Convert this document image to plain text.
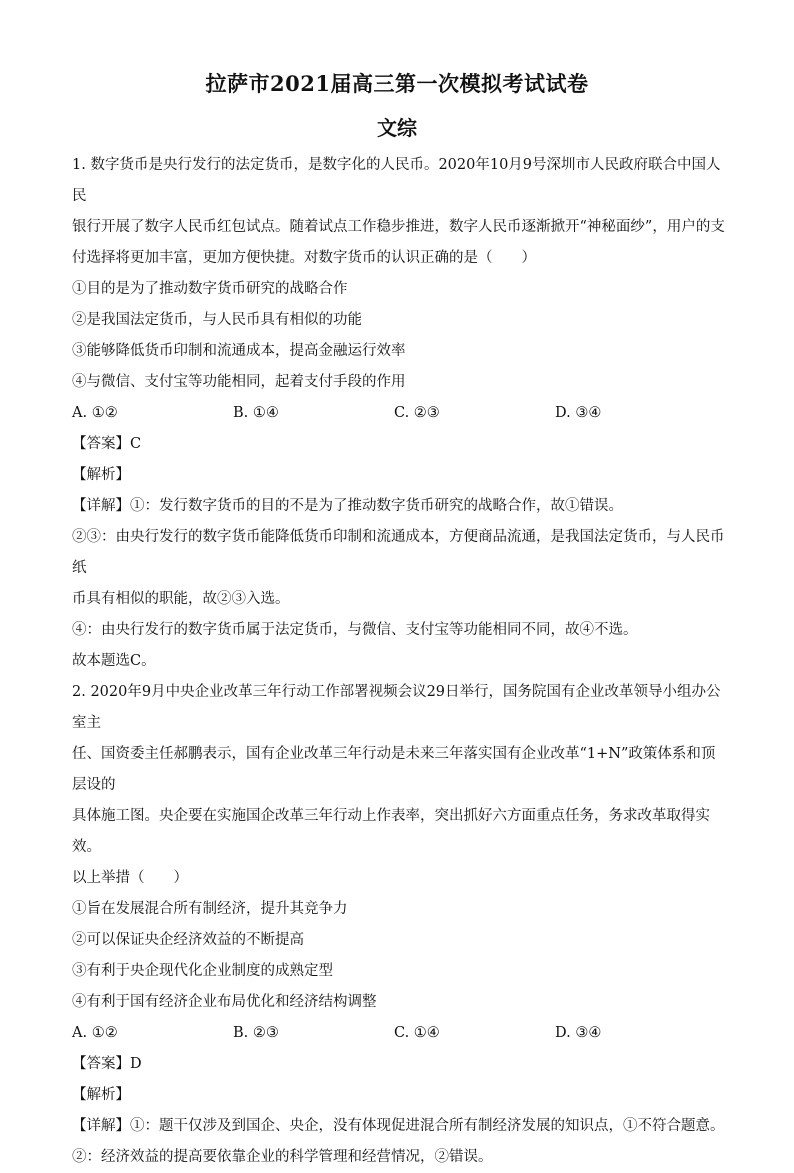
拉萨市2021届高三第一次模拟考试试卷
文综

1. 数字货币是央行发行的法定货币，是数字化的人民币。2020年10月9号深圳市人民政府联合中国人民

银行开展了数字人民币红包试点。随着试点工作稳步推进，数字人民币逐渐掀开“神秘面纱”，用户的支

付选择将更加丰富，更加方便快捷。对数字货币的认识正确的是（　　）

①目的是为了推动数字货币研究的战略合作

②是我国法定货币，与人民币具有相似的功能

③能够降低货币印制和流通成本，提高金融运行效率

④与微信、支付宝等功能相同，起着支付手段的作用

A. ①②	B. ①④	C. ②③	D. ③④

【答案】C

【解析】

【详解】①：发行数字货币的目的不是为了推动数字货币研究的战略合作，故①错误。

②③：由央行发行的数字货币能降低货币印制和流通成本，方便商品流通，是我国法定货币，与人民币纸

币具有相似的职能，故②③入选。

④：由央行发行的数字货币属于法定货币，与微信、支付宝等功能相同不同，故④不选。

故本题选C。

2. 2020年9月中央企业改革三年行动工作部署视频会议29日举行，国务院国有企业改革领导小组办公室主

任、国资委主任郝鹏表示，国有企业改革三年行动是未来三年落实国有企业改革“1+N”政策体系和顶层设的

具体施工图。央企要在实施国企改革三年行动上作表率，突出抓好六方面重点任务，务求改革取得实效。

以上举措（　　）

①旨在发展混合所有制经济，提升其竞争力

②可以保证央企经济效益的不断提高

③有利于央企现代化企业制度的成熟定型

④有利于国有经济企业布局优化和经济结构调整

A. ①②	B. ②③	C. ①④	D. ③④

【答案】D

【解析】

【详解】①：题干仅涉及到国企、央企，没有体现促进混合所有制经济发展的知识点，①不符合题意。

②：经济效益的提高要依靠企业的科学管理和经营情况，②错误。
